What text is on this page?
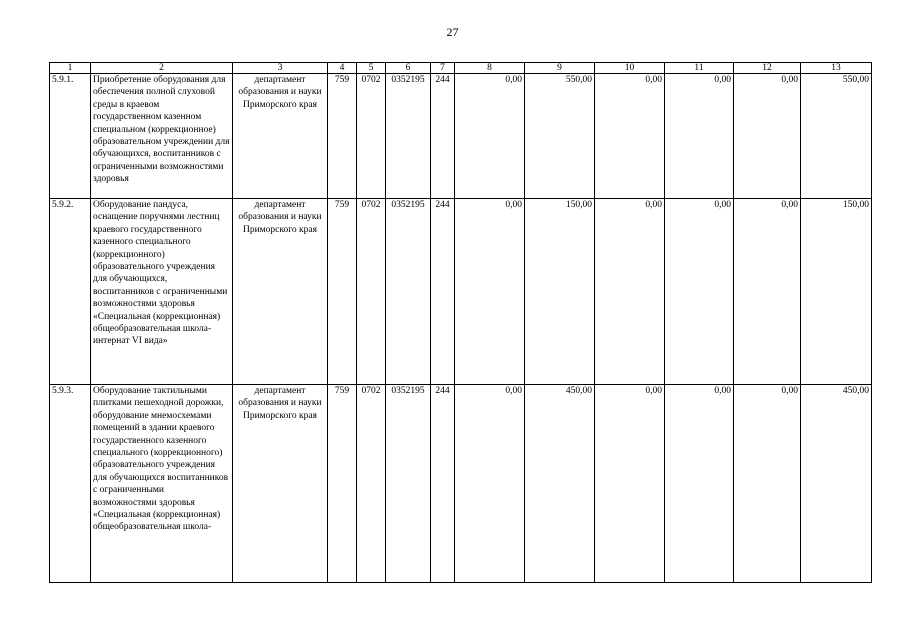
27
1	2	3	4	5	6	7	8	9	10	11	12	13
5.9.1.	Приобретение оборудования для обеспечения полной слуховой среды в краевом государственном казенном специальном (коррекционное) образовательном учреждении для обучающихся, воспитанников с ограниченными возможностями здоровья	департамент образования и науки Приморского края	759	0702	0352195	244	0,00	550,00	0,00	0,00	0,00	550,00
5.9.2.	Оборудование пандуса, оснащение поручнями лестниц краевого государственного казенного специального (коррекционного) образовательного учреждения для обучающихся, воспитанников с ограниченными возможностями здоровья «Специальная (коррекционная) общеобразовательная школа-интернат VI вида»	департамент образования и науки Приморского края	759	0702	0352195	244	0,00	150,00	0,00	0,00	0,00	150,00
5.9.3.	Оборудование тактильными плитками пешеходной дорожки, оборудование мнемосхемами помещений в здании краевого государственного казенного специального (коррекционного) образовательного учреждения для обучающихся воспитанников с ограниченными возможностями здоровья «Специальная (коррекционная) общеобразовательная школа-	департамент образования и науки Приморского края	759	0702	0352195	244	0,00	450,00	0,00	0,00	0,00	450,00
